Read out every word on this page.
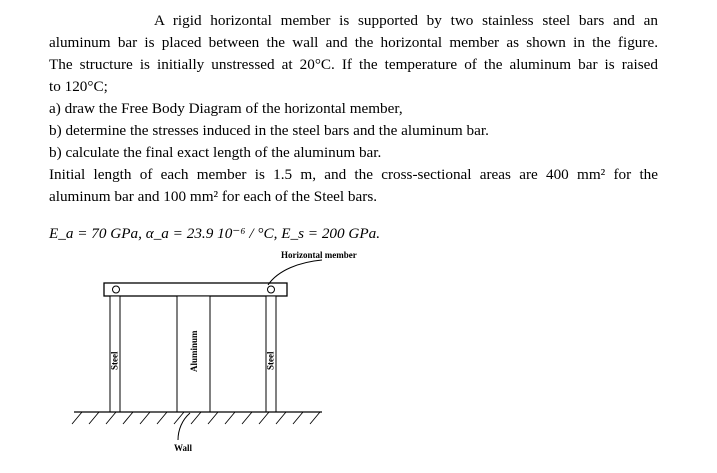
A rigid horizontal member is supported by two stainless steel bars and an
aluminum bar is placed between the wall and the horizontal member as shown in the figure.
The structure is initially unstressed at 20°C. If the temperature of the aluminum bar is raised
to 120°C;
a) draw the Free Body Diagram of the horizontal member,
b) determine the stresses induced in the steel bars and the aluminum bar.
b) calculate the final exact length of the aluminum bar.
Initial length of each member is 1.5 m, and the cross-sectional areas are 400 mm² for the
aluminum bar and 100 mm² for each of the Steel bars.
E_a = 70 GPa, α_a = 23.9 10⁻⁶ / °C, E_s = 200 GPa.
Horizontal member
Steel	Aluminum	Steel
Wall
